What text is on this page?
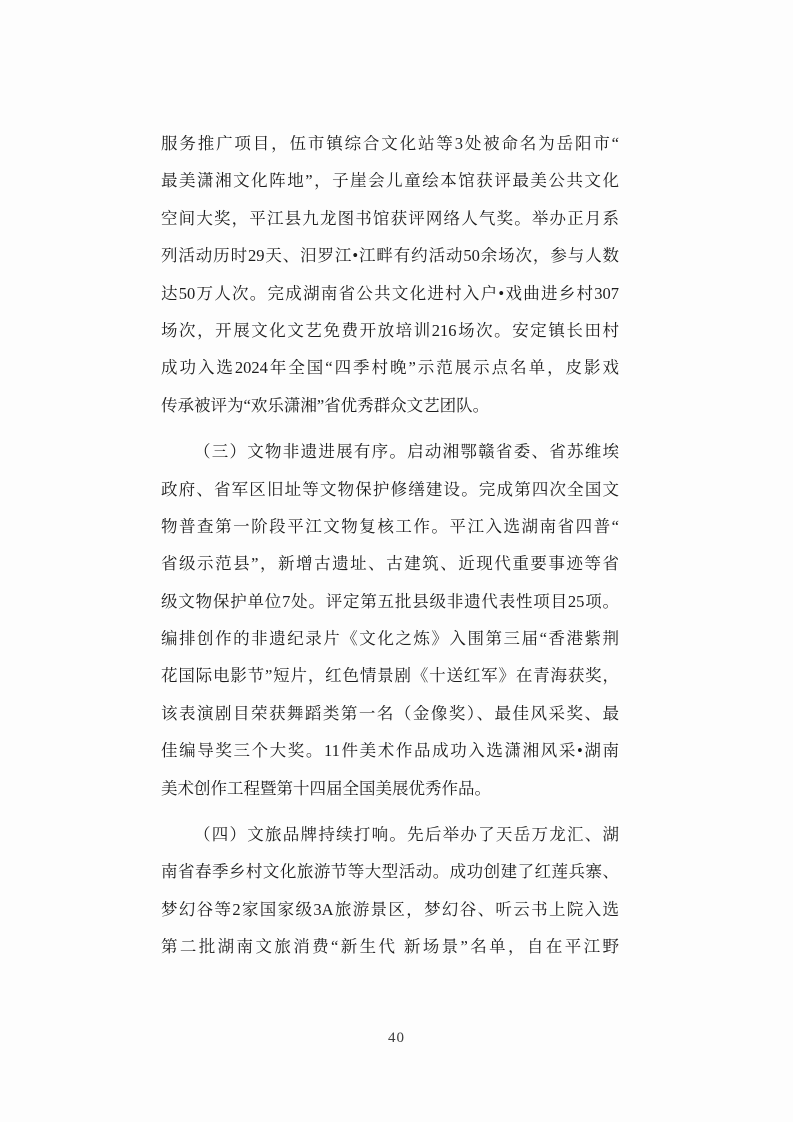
服务推广项目，伍市镇综合文化站等3处被命名为岳阳市“
最美潇湘文化阵地”，子崖会儿童绘本馆获评最美公共文化
空间大奖，平江县九龙图书馆获评网络人气奖。举办正月系
列活动历时29天、汨罗江•江畔有约活动50余场次，参与人数
达50万人次。完成湖南省公共文化进村入户•戏曲进乡村307
场次，开展文化文艺免费开放培训216场次。安定镇长田村
成功入选2024年全国“四季村晚”示范展示点名单，皮影戏
传承被评为“欢乐潇湘”省优秀群众文艺团队。
（三）文物非遗进展有序。启动湘鄂赣省委、省苏维埃
政府、省军区旧址等文物保护修缮建设。完成第四次全国文
物普查第一阶段平江文物复核工作。平江入选湖南省四普“
省级示范县”，新增古遗址、古建筑、近现代重要事迹等省
级文物保护单位7处。评定第五批县级非遗代表性项目25项。
编排创作的非遗纪录片《文化之炼》入围第三届“香港紫荆
花国际电影节”短片，红色情景剧《十送红军》在青海获奖，
该表演剧目荣获舞蹈类第一名（金像奖）、最佳风采奖、最
佳编导奖三个大奖。11件美术作品成功入选潇湘风采•湖南
美术创作工程暨第十四届全国美展优秀作品。
（四）文旅品牌持续打响。先后举办了天岳万龙汇、湖
南省春季乡村文化旅游节等大型活动。成功创建了红莲兵寨、
梦幻谷等2家国家级3A旅游景区，梦幻谷、听云书上院入选
第二批湖南文旅消费“新生代 新场景”名单，自在平江野
40
